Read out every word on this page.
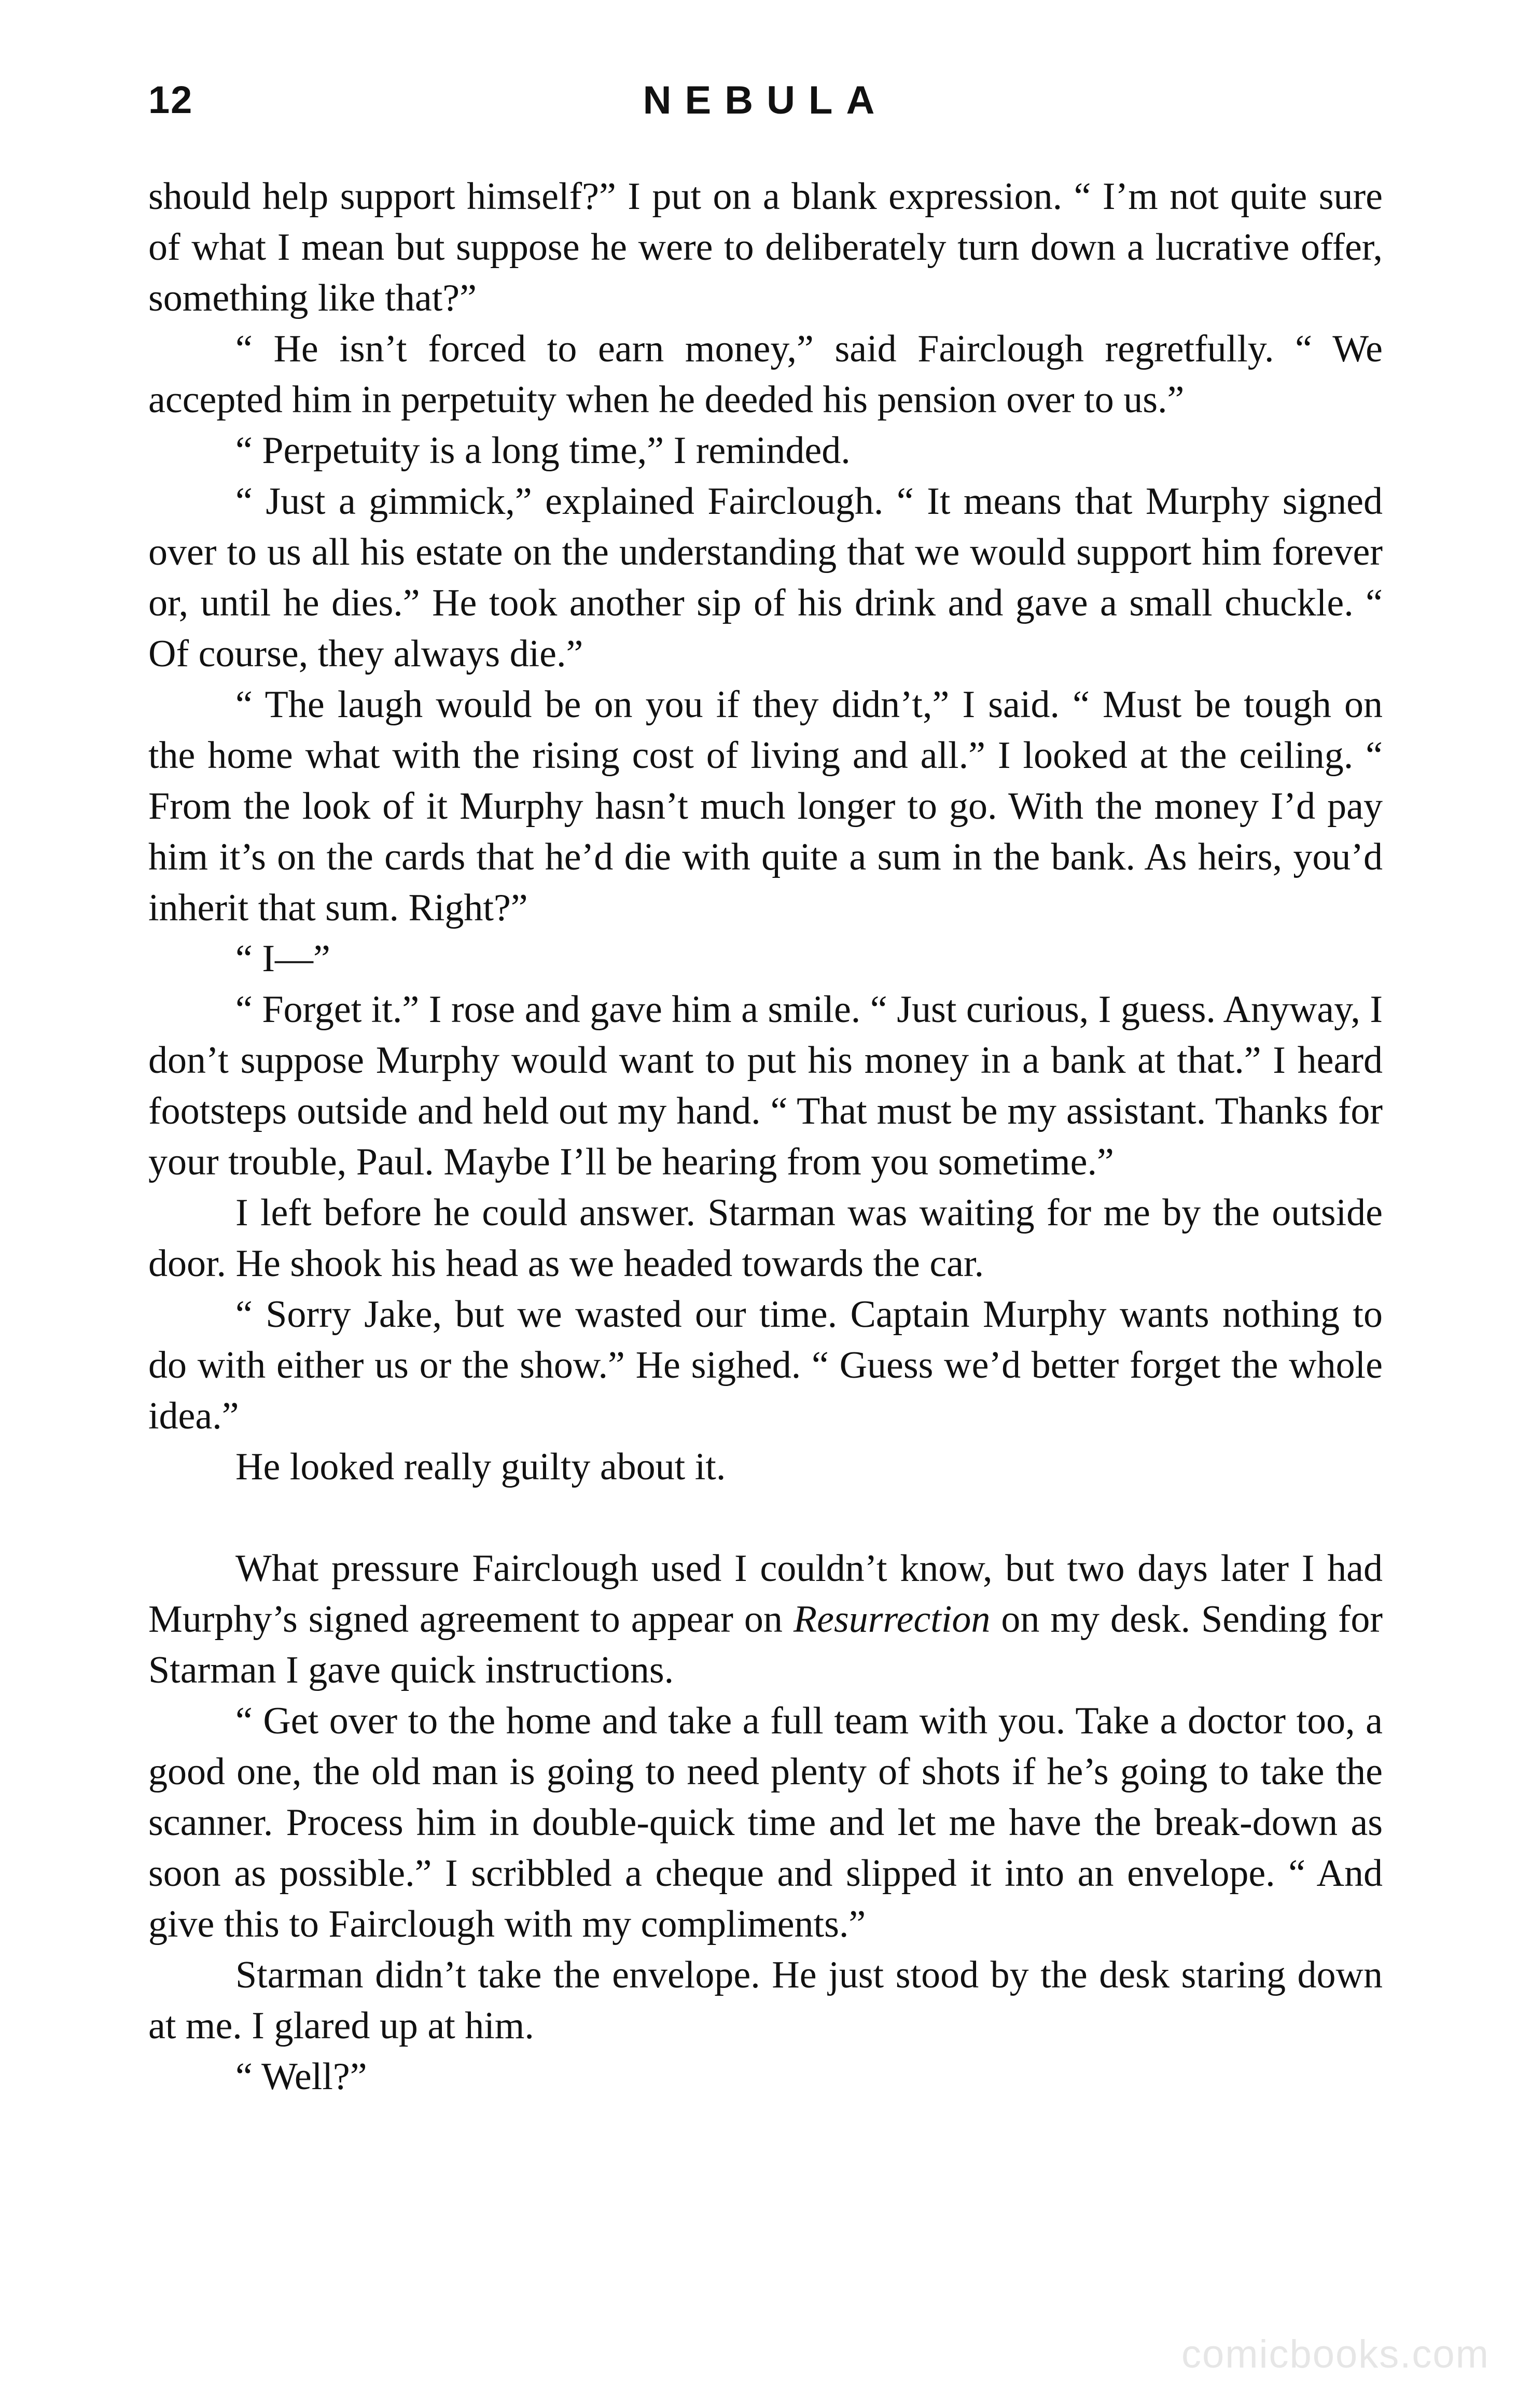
12	NEBULA

should help support himself?” I put on a blank expression. “ I’m not quite sure of what I mean but suppose he were to deliberately turn down a lucrative offer, something like that?”

“ He isn’t forced to earn money,” said Fairclough regretfully. “ We accepted him in perpetuity when he deeded his pension over to us.”

“ Perpetuity is a long time,” I reminded.

“ Just a gimmick,” explained Fairclough. “ It means that Murphy signed over to us all his estate on the understanding that we would support him forever or, until he dies.” He took another sip of his drink and gave a small chuckle. “ Of course, they always die.”

“ The laugh would be on you if they didn’t,” I said. “ Must be tough on the home what with the rising cost of living and all.” I looked at the ceiling. “ From the look of it Murphy hasn’t much longer to go. With the money I’d pay him it’s on the cards that he’d die with quite a sum in the bank. As heirs, you’d inherit that sum. Right?”

“ I—”

“ Forget it.” I rose and gave him a smile. “ Just curious, I guess. Anyway, I don’t suppose Murphy would want to put his money in a bank at that.” I heard footsteps outside and held out my hand. “ That must be my assistant. Thanks for your trouble, Paul. Maybe I’ll be hearing from you sometime.”

I left before he could answer. Starman was waiting for me by the outside door. He shook his head as we headed towards the car.

“ Sorry Jake, but we wasted our time. Captain Murphy wants nothing to do with either us or the show.” He sighed. “ Guess we’d better forget the whole idea.”

He looked really guilty about it.

What pressure Fairclough used I couldn’t know, but two days later I had Murphy’s signed agreement to appear on Resurrection on my desk. Sending for Starman I gave quick instructions.

“ Get over to the home and take a full team with you. Take a doctor too, a good one, the old man is going to need plenty of shots if he’s going to take the scanner. Process him in double-quick time and let me have the break-down as soon as possible.” I scribbled a cheque and slipped it into an envelope. “ And give this to Fairclough with my compliments.”

Starman didn’t take the envelope. He just stood by the desk staring down at me. I glared up at him.

“ Well?”

comicbooks.com
